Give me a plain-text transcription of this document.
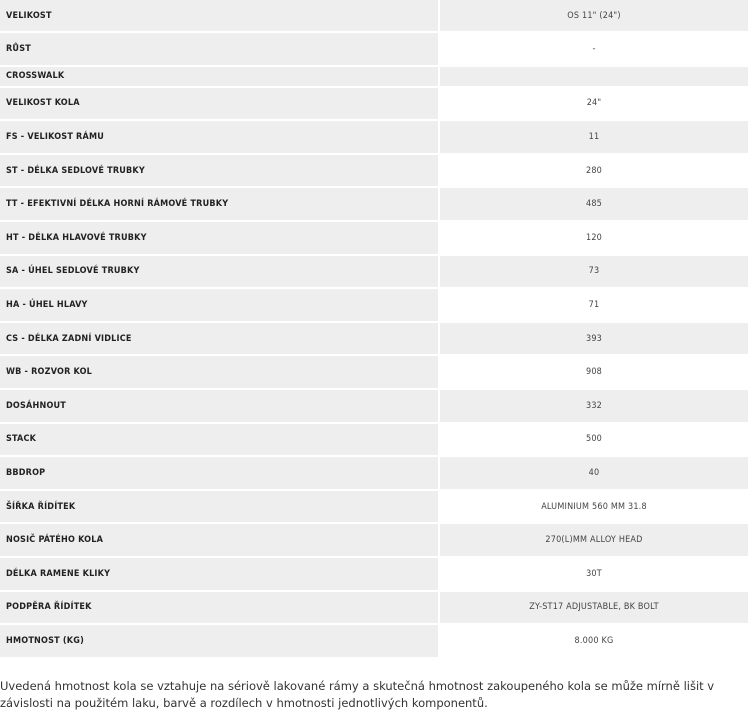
VELIKOST	OS 11" (24")
RŮST	-
CROSSWALK	
VELIKOST KOLA	24"
FS - VELIKOST RÁMU	11
ST - DÉLKA SEDLOVÉ TRUBKY	280
TT - EFEKTIVNÍ DÉLKA HORNÍ RÁMOVÉ TRUBKY	485
HT - DÉLKA HLAVOVÉ TRUBKY	120
SA - ÚHEL SEDLOVÉ TRUBKY	73
HA - ÚHEL HLAVY	71
CS - DÉLKA ZADNÍ VIDLICE	393
WB - ROZVOR KOL	908
DOSÁHNOUT	332
STACK	500
BBDROP	40
ŠÍŘKA ŘÍDÍTEK	ALUMINIUM 560 MM 31.8
NOSIČ PÁTÉHO KOLA	270(L)MM ALLOY HEAD
DÉLKA RAMENE KLIKY	30T
PODPĚRA ŘÍDÍTEK	ZY-ST17 ADJUSTABLE, BK BOLT
HMOTNOST (KG)	8.000 KG

Uvedená hmotnost kola se vztahuje na sériově lakované rámy a skutečná hmotnost zakoupeného kola se může mírně lišit v závislosti na použitém laku, barvě a rozdílech v hmotnosti jednotlivých komponentů.
